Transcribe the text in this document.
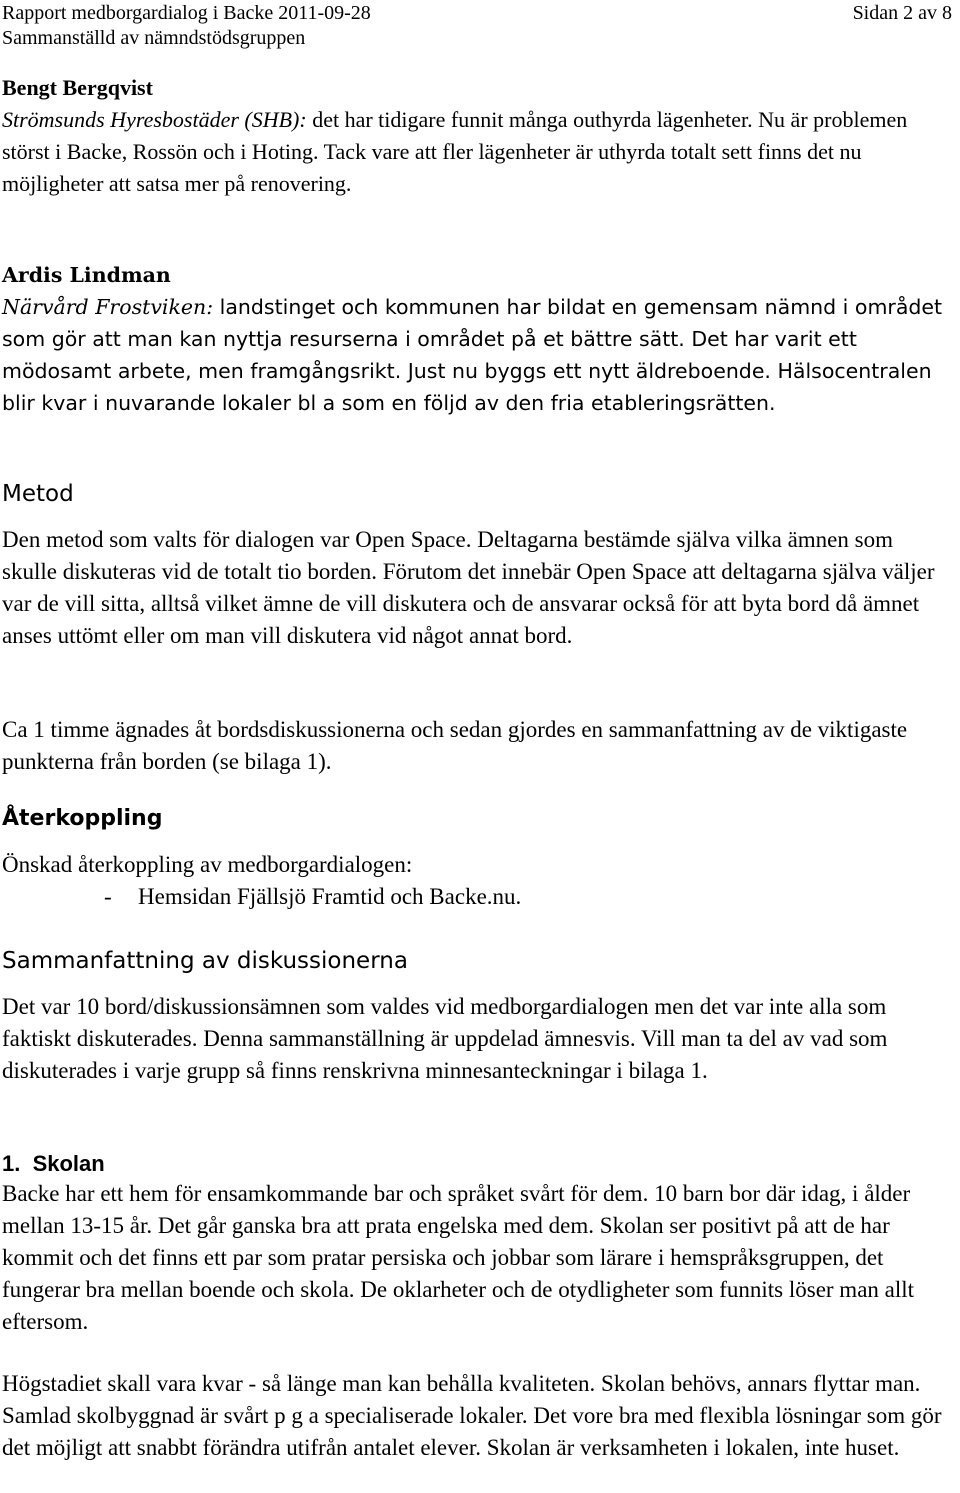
Rapport medborgardialog i Backe 2011-09-28
Sammanställd av nämndstödsgruppen
Sidan 2 av 8
Bengt Bergqvist
Strömsunds Hyresbostäder (SHB): det har tidigare funnit många outhyrda lägenheter. Nu är problemen störst i Backe, Rossön och i Hoting. Tack vare att fler lägenheter är uthyrda totalt sett finns det nu möjligheter att satsa mer på renovering.
Ardis Lindman
Närvård Frostviken: landstinget och kommunen har bildat en gemensam nämnd i området som gör att man kan nyttja resurserna i området på et bättre sätt. Det har varit ett mödosamt arbete, men framgångsrikt. Just nu byggs ett nytt äldreboende. Hälsocentralen blir kvar i nuvarande lokaler bl a som en följd av den fria etableringsrätten.
Metod

Den metod som valts för dialogen var Open Space. Deltagarna bestämde själva vilka ämnen som skulle diskuteras vid de totalt tio borden. Förutom det innebär Open Space att deltagarna själva väljer var de vill sitta, alltså vilket ämne de vill diskutera och de ansvarar också för att byta bord då ämnet anses uttömt eller om man vill diskutera vid något annat bord.

Ca 1 timme ägnades åt bordsdiskussionerna och sedan gjordes en sammanfattning av de viktigaste punkterna från borden (se bilaga 1).

Återkoppling

Önskad återkoppling av medborgardialogen:

- Hemsidan Fjällsjö Framtid och Backe.nu.
Sammanfattning av diskussionerna

Det var 10 bord/diskussionsämnen som valdes vid medborgardialogen men det var inte alla som faktiskt diskuterades. Denna sammanställning är uppdelad ämnesvis. Vill man ta del av vad som diskuterades i varje grupp så finns renskrivna minnesanteckningar i bilaga 1.

1.  Skolan

Backe har ett hem för ensamkommande bar och språket svårt för dem. 10 barn bor där idag, i ålder mellan 13-15 år. Det går ganska bra att prata engelska med dem. Skolan ser positivt på att de har kommit och det finns ett par som pratar persiska och jobbar som lärare i hemspråksgruppen, det fungerar bra mellan boende och skola. De oklarheter och de otydligheter som funnits löser man allt eftersom.

Högstadiet skall vara kvar - så länge man kan behålla kvaliteten. Skolan behövs, annars flyttar man. Samlad skolbyggnad är svårt p g a specialiserade lokaler. Det vore bra med flexibla lösningar som gör det möjligt att snabbt förändra utifrån antalet elever. Skolan är verksamheten i lokalen, inte huset.
